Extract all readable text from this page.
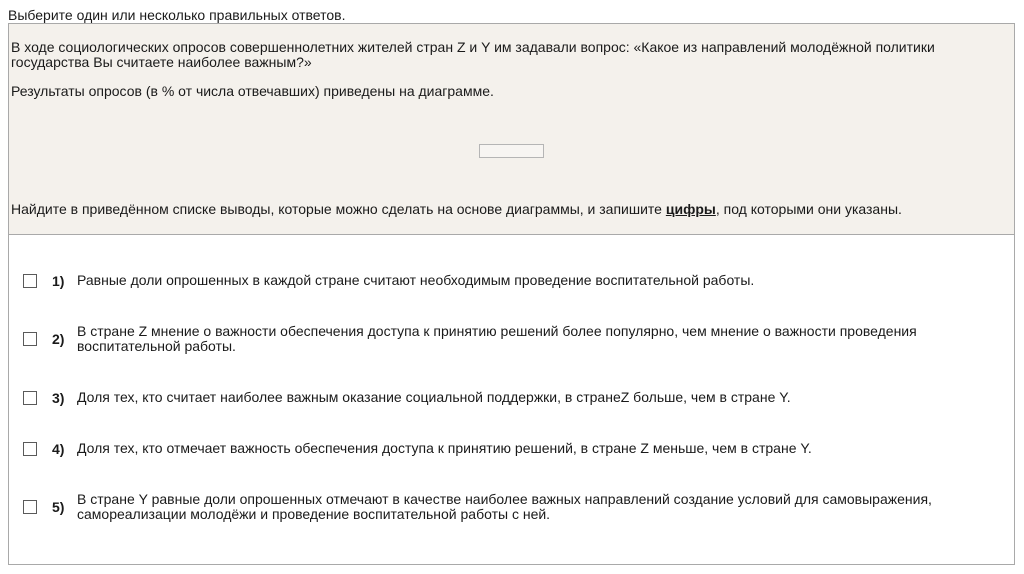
Выберите один или несколько правильных ответов.
В ходе социологических опросов совершеннолетних жителей стран Z и Y им задавали вопрос: «Какое из направлений молодёжной политики государства Вы считаете наиболее важным?»
Результаты опросов (в % от числа отвечавших) приведены на диаграмме.
Найдите в приведённом списке выводы, которые можно сделать на основе диаграммы, и запишите цифры, под которыми они указаны.
1) Равные доли опрошенных в каждой стране считают необходимым проведение воспитательной работы.
2) В стране Z мнение о важности обеспечения доступа к принятию решений более популярно, чем мнение о важности проведения воспитательной работы.
3) Доля тех, кто считает наиболее важным оказание социальной поддержки, в странеZ больше, чем в стране Y.
4) Доля тех, кто отмечает важность обеспечения доступа к принятию решений, в стране Z меньше, чем в стране Y.
5) В стране Y равные доли опрошенных отмечают в качестве наиболее важных направлений создание условий для самовыражения, самореализации молодёжи и проведение воспитательной работы с ней.
